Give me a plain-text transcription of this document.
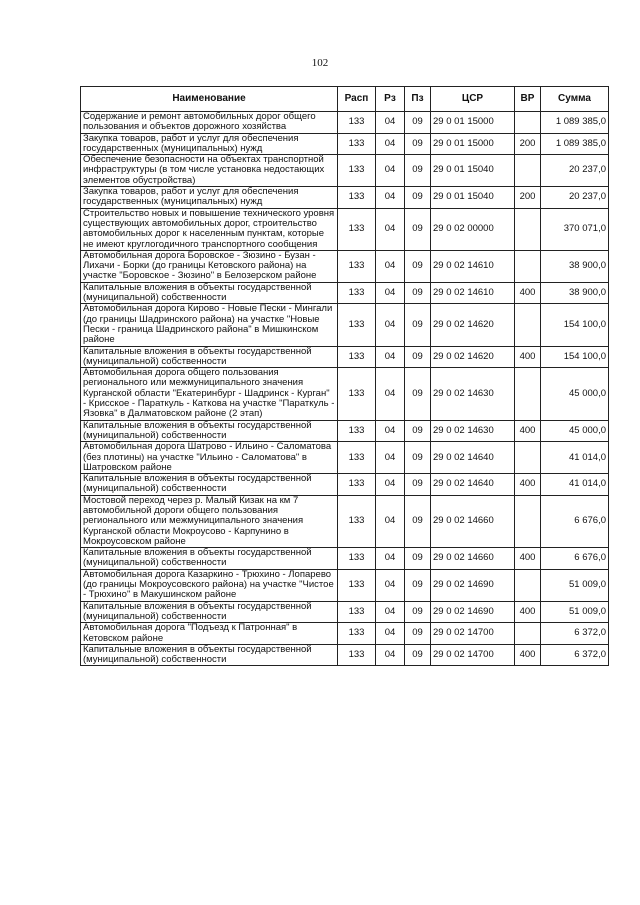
102
Наименование	Расп	Рз	Пз	ЦСР	ВР	Сумма
Содержание и ремонт автомобильных дорог общего пользования и объектов дорожного хозяйства	133	04	09	29 0 01 15000		1 089 385,0
Закупка товаров, работ и услуг для обеспечения государственных (муниципальных) нужд	133	04	09	29 0 01 15000	200	1 089 385,0
Обеспечение безопасности на объектах транспортной инфраструктуры (в том числе установка недостающих элементов обустройства)	133	04	09	29 0 01 15040		20 237,0
Закупка товаров, работ и услуг для обеспечения государственных (муниципальных) нужд	133	04	09	29 0 01 15040	200	20 237,0
Строительство новых и повышение технического уровня существующих автомобильных дорог, строительство автомобильных дорог к населенным пунктам, которые не имеют круглогодичного транспортного сообщения	133	04	09	29 0 02 00000		370 071,0
Автомобильная дорога Боровское - Зюзино - Бузан - Лихачи - Борки (до границы Кетовского района) на участке "Боровское - Зюзино" в Белозерском районе	133	04	09	29 0 02 14610		38 900,0
Капитальные вложения в объекты государственной (муниципальной) собственности	133	04	09	29 0 02 14610	400	38 900,0
Автомобильная дорога Кирово - Новые Пески - Мингали (до границы Шадринского района) на участке "Новые Пески - граница Шадринского района" в Мишкинском районе	133	04	09	29 0 02 14620		154 100,0
Капитальные вложения в объекты государственной (муниципальной) собственности	133	04	09	29 0 02 14620	400	154 100,0
Автомобильная дорога общего пользования регионального или межмуниципального значения Курганской области "Екатеринбург - Шадринск - Курган" - Крисское - Параткуль - Каткова на участке "Параткуль - Язовка" в Далматовском районе (2 этап)	133	04	09	29 0 02 14630		45 000,0
Капитальные вложения в объекты государственной (муниципальной) собственности	133	04	09	29 0 02 14630	400	45 000,0
Автомобильная дорога Шатрово - Ильино - Саломатова (без плотины) на участке "Ильино - Саломатова" в Шатровском районе	133	04	09	29 0 02 14640		41 014,0
Капитальные вложения в объекты государственной (муниципальной) собственности	133	04	09	29 0 02 14640	400	41 014,0
Мостовой переход через р. Малый Кизак на км 7 автомобильной дороги общего пользования регионального или межмуниципального значения Курганской области Мокроусово - Карпунино в Мокроусовском районе	133	04	09	29 0 02 14660		6 676,0
Капитальные вложения в объекты государственной (муниципальной) собственности	133	04	09	29 0 02 14660	400	6 676,0
Автомобильная дорога Казаркино - Трюхино - Лопарево (до границы Мокроусовского района) на участке "Чистое - Трюхино" в Макушинском районе	133	04	09	29 0 02 14690		51 009,0
Капитальные вложения в объекты государственной (муниципальной) собственности	133	04	09	29 0 02 14690	400	51 009,0
Автомобильная дорога "Подъезд к Патронная" в Кетовском районе	133	04	09	29 0 02 14700		6 372,0
Капитальные вложения в объекты государственной (муниципальной) собственности	133	04	09	29 0 02 14700	400	6 372,0
